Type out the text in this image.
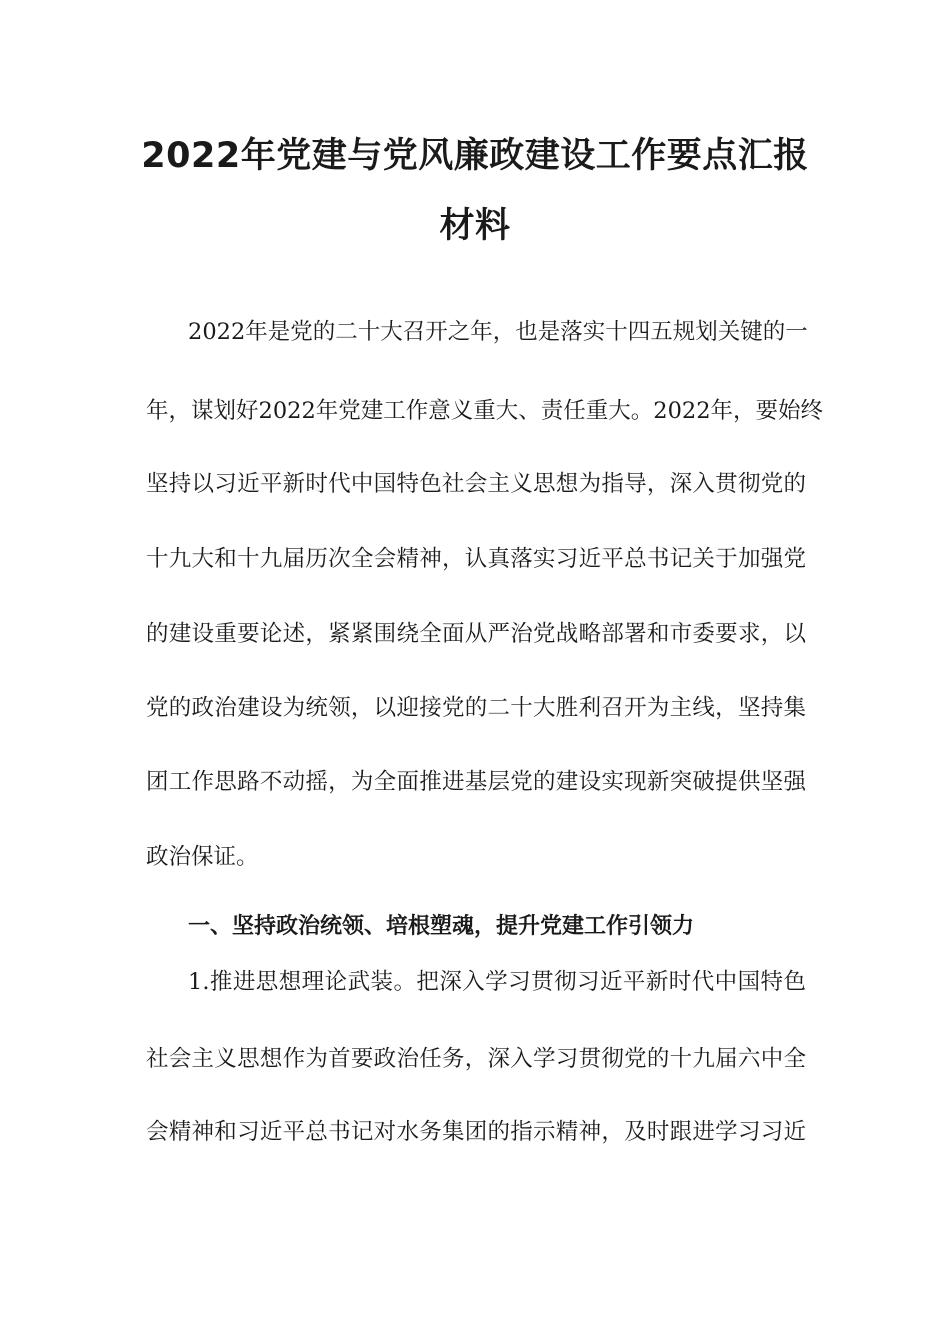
2022年党建与党风廉政建设工作要点汇报
材料
2022年是党的二十大召开之年，也是落实十四五规划关键的一
年，谋划好2022年党建工作意义重大、责任重大。2022年，要始终
坚持以习近平新时代中国特色社会主义思想为指导，深入贯彻党的
十九大和十九届历次全会精神，认真落实习近平总书记关于加强党
的建设重要论述，紧紧围绕全面从严治党战略部署和市委要求，以
党的政治建设为统领，以迎接党的二十大胜利召开为主线，坚持集
团工作思路不动摇，为全面推进基层党的建设实现新突破提供坚强
政治保证。
一、坚持政治统领、培根塑魂，提升党建工作引领力
1.推进思想理论武装。把深入学习贯彻习近平新时代中国特色
社会主义思想作为首要政治任务，深入学习贯彻党的十九届六中全
会精神和习近平总书记对水务集团的指示精神，及时跟进学习习近
